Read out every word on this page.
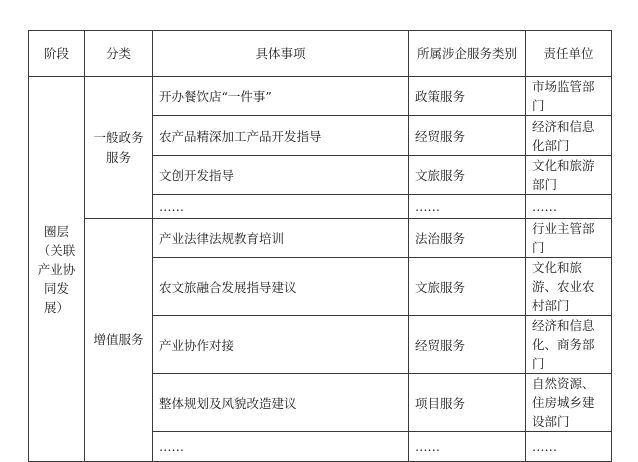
阶段	分类	具体事项	所属涉企服务类别	责任单位
圈层（关联产业协同发展）	一般政务服务	开办餐饮店“一件事”	政策服务	市场监管部门
		农产品精深加工产品开发指导	经贸服务	经济和信息化部门
		文创开发指导	文旅服务	文化和旅游部门
		……	……	……
	增值服务	产业法律法规教育培训	法治服务	行业主管部门
		农文旅融合发展指导建议	文旅服务	文化和旅游、农业农村部门
		产业协作对接	经贸服务	经济和信息化、商务部门
		整体规划及风貌改造建议	项目服务	自然资源、住房城乡建设部门
		……	……	……
